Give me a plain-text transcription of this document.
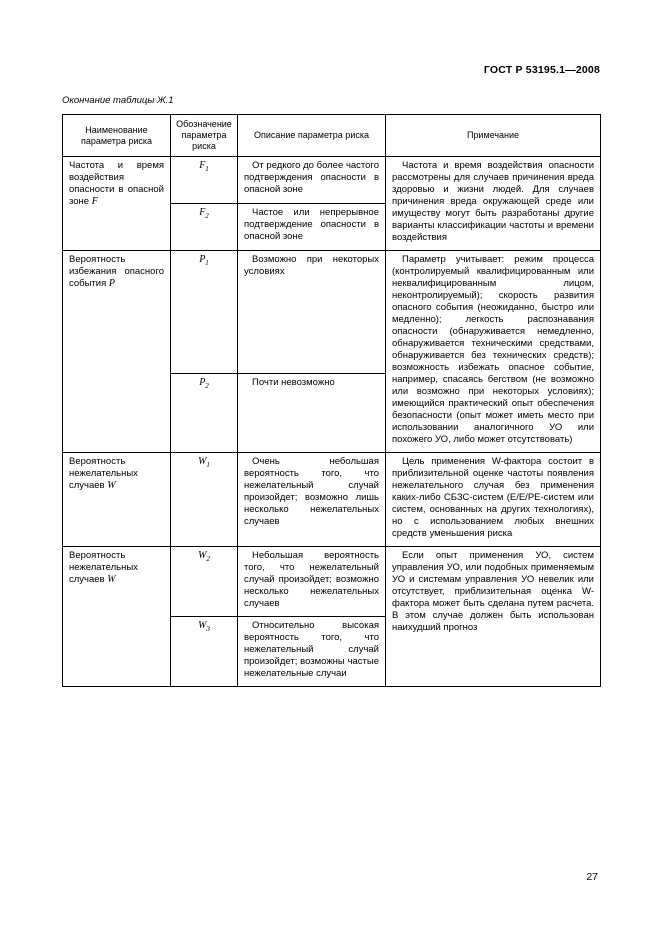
ГОСТ Р 53195.1—2008
Окончание таблицы Ж.1
Наименование параметра риска	Обозначение параметра риска	Описание параметра риска	Примечание
Частота и время воздействия опасности в опасной зоне F	$F_1$	От редкого до более частого подтверждения опасности в опасной зоне	Частота и время воздействия опасности рассмотрены для случаев причинения вреда здоровью и жизни людей. Для случаев причинения вреда окружающей среде или имуществу могут быть разработаны другие варианты классификации частоты и времени воздействия
	$F_2$	Частое или непрерывное подтверждение опасности в опасной зоне	
Вероятность избежания опасного события P	$P_1$	Возможно при некоторых условиях	Параметр учитывает: режим процесса (контролируемый квалифицированным или неквалифицированным лицом, неконтролируемый); скорость развития опасного события (неожиданно, быстро или медленно); легкость распознавания опасности (обнаруживается немедленно, обнаруживается техническими средствами, обнаруживается без технических средств); возможность избежать опасное событие, например, спасаясь бегством (не возможно или возможно при некоторых условиях); имеющийся практический опыт обеспечения безопасности (опыт может иметь место при использовании аналогичного УО или похожего УО, либо может отсутствовать)
	$P_2$	Почти невозможно	
Вероятность нежелательных случаев W	$W_1$	Очень небольшая вероятность того, что нежелательный случай произойдет; возможно лишь несколько нежелательных случаев	Цель применения W-фактора состоит в приблизительной оценке частоты появления нежелательного случая без применения каких-либо СБЗС-систем (Е/Е/РЕ-систем или систем, основанных на других технологиях), но с использованием любых внешних средств уменьшения риска
Вероятность нежелательных случаев W	$W_2$	Небольшая вероятность того, что нежелательный случай произойдет; возможно несколько нежелательных случаев	Если опыт применения УО, систем управления УО, или подобных применяемым УО и системам управления УО невелик или отсутствует, приблизительная оценка W-фактора может быть сделана путем расчета. В этом случае должен быть использован наихудший прогноз
	$W_3$	Относительно высокая вероятность того, что нежелательный случай произойдет; возможны частые нежелательные случаи	
27
